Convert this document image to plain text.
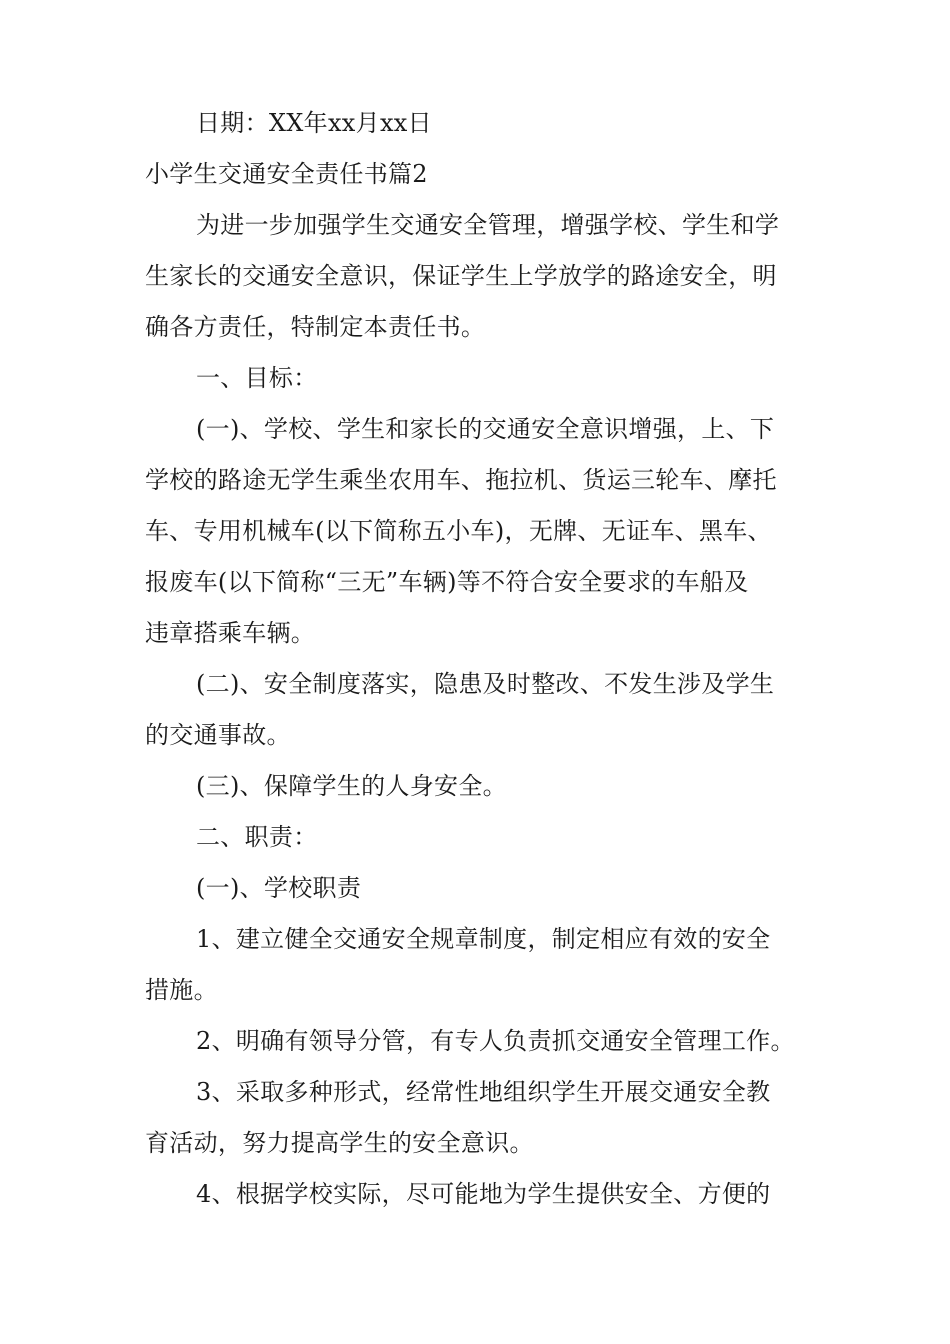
日期：XX年xx月xx日
小学生交通安全责任书篇2
为进一步加强学生交通安全管理，增强学校、学生和学
生家长的交通安全意识，保证学生上学放学的路途安全，明
确各方责任，特制定本责任书。
一、目标：
(一)、学校、学生和家长的交通安全意识增强，上、下
学校的路途无学生乘坐农用车、拖拉机、货运三轮车、摩托
车、专用机械车(以下简称五小车)，无牌、无证车、黑车、
报废车(以下简称“三无”车辆)等不符合安全要求的车船及
违章搭乘车辆。
(二)、安全制度落实，隐患及时整改、不发生涉及学生
的交通事故。
(三)、保障学生的人身安全。
二、职责：
(一)、学校职责
1、建立健全交通安全规章制度，制定相应有效的安全
措施。
2、明确有领导分管，有专人负责抓交通安全管理工作。
3、采取多种形式，经常性地组织学生开展交通安全教
育活动，努力提高学生的安全意识。
4、根据学校实际，尽可能地为学生提供安全、方便的
